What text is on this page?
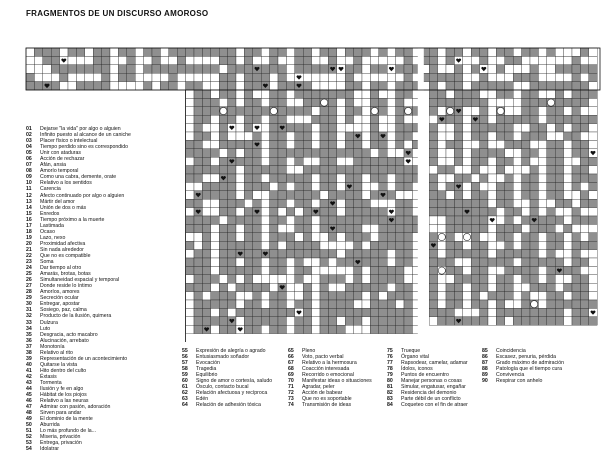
FRAGMENTOS DE UN DISCURSO AMOROSO
01 Dejarse "la vida" por algo o alguien
02 Infinito puesto al alcance de un caniche
03 Placer físico o intelectual
04 Tiempo perdido sino es correspondido
05 Unir con ataduras
06 Acción de rechazar
07 Afán, ansia
08 Amorío temporal
09 Como una cabra, demente, orate
10 Relativo a los sentidos
11 Carencia
12 Afecto continuado por algo o alguien
13 Mártir del amor
14 Unión de dos o más
15 Enredos
16 Tiempo próximo a la muerte
17 Lastimada
18 Ocaso
19 Lazo, nexo
20 Proximidad afectiva
21 Sin nada alrededor
22 Que no es compatible
23 Soma
24 Dar tiempo al otro
25 Amarás, brotas, botas
26 Simultaneidad espacial y temporal
27 Donde reside lo íntimo
28 Amoríos, amores
29 Secreción ocular
30 Entregar, apostar
31 Sosiego, paz, calma
32 Producto de la ilusión, quimera
33 Dulzura
34 Luto
35 Desgracia, acto macabro
36 Alucinación, arrebato
37 Monotonía
38 Relativo al rito
39 Representación de un acontecimiento
40 Quitarse la vista
41 Hito dentro del culto
42 Éxtasis
43 Tormenta
44 Ilusión y fe en algo
45 Hábitat de los piojos
46 Relativo a las neuras
47 Admirar con pasión, adoración
48 Sirven para andar
49 El dominio de la mente
50 Aburrida
51 Lo más profundo de la...
52 Miseria, privación
53 Entrega, privación
54 Idolatrar
55 Expresión de alegría o agrado
56 Entusiasmado soñador
57 Evocación
58 Tragedia
59 Equilibrio
60 Signo de amor o cortesía, saludo
61 Ósculo, contacto bucal
62 Relación afectuosa y recíproca
63 Edén
64 Relación de adhesión tóxica
65 Pleno
66 Voto, pacto verbal
67 Relativo a la hermosura
68 Coacción interesada
69 Recorrido o emocional
70 Manifestar ideas o situaciones
71 Agradar, peler
72 Acción de babear
73 Que no es soportable
74 Transmisión de ideas
75 Trueque
76 Órgano vital
77 Rapsodear, camelar, adamar
78 Ídolos, iconos
79 Puntos de encuentro
80 Manejar personas o cosas
81 Simular, engatusar, engañar
82 Residencia del demonio
83 Parte débil de un conflicto
84 Coqueteo con el fin de atraer
85 Coincidencia
86 Escasez, penuria, pérdida
87 Grado máximo de admiración
88 Patología que el tiempo cura
89 Convivencia
90 Respirar con anhelo
